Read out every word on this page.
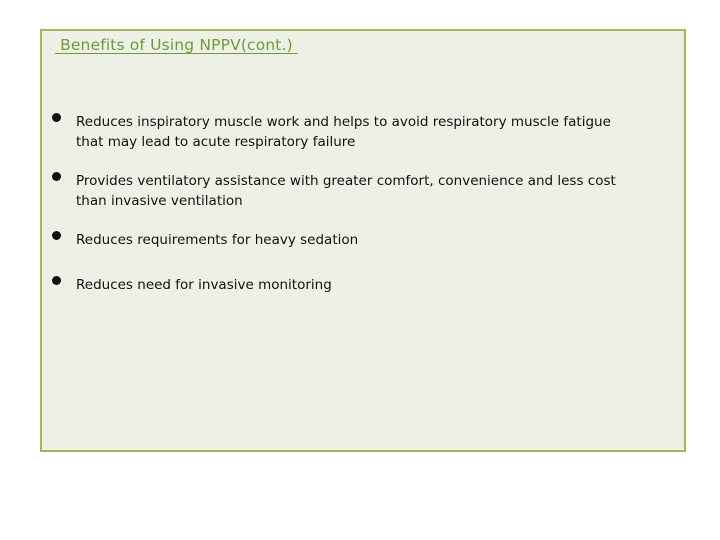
Benefits of Using NPPV(cont.)
Reduces inspiratory muscle work and helps to avoid respiratory muscle fatigue that may lead to acute respiratory failure
Provides ventilatory assistance with greater comfort, convenience and less cost than invasive ventilation
Reduces requirements for heavy sedation
Reduces need for invasive monitoring
